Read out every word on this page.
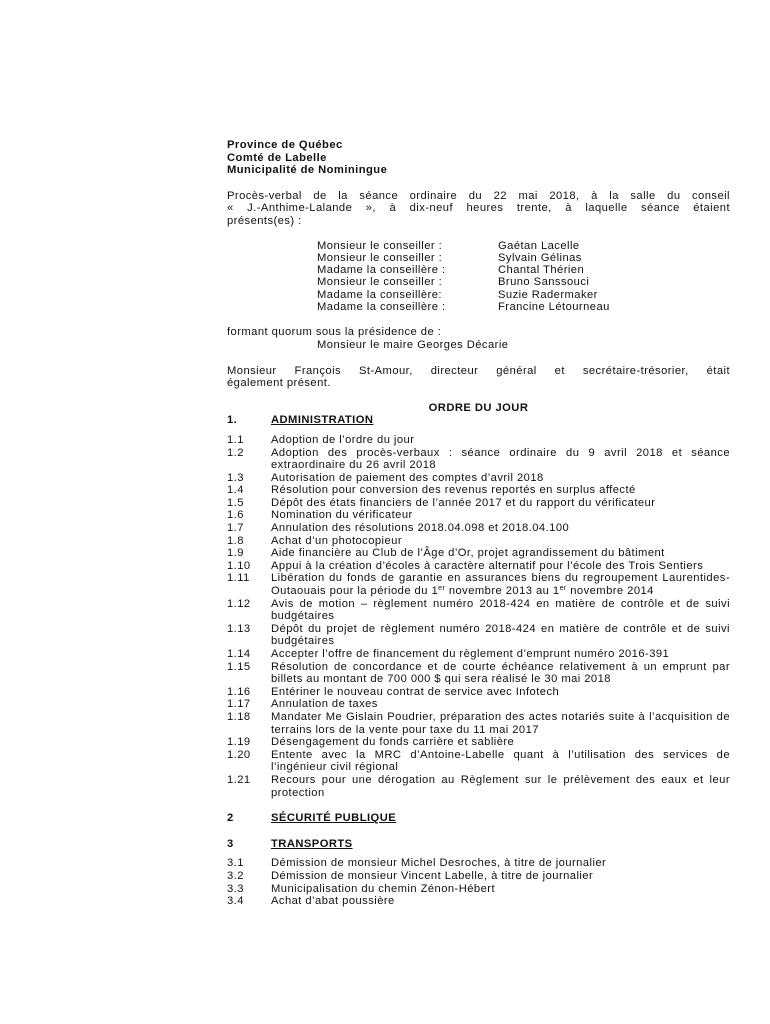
Province de Québec
Comté de Labelle
Municipalité de Nominingue
Procès-verbal de la séance ordinaire du 22 mai 2018, à la salle du conseil
« J.-Anthime-Lalande », à dix-neuf heures trente, à laquelle séance étaient
présents(es) :
Monsieur le conseiller :	Gaétan Lacelle
Monsieur le conseiller :	Sylvain Gélinas
Madame la conseillère :	Chantal Thérien
Monsieur le conseiller :	Bruno Sanssouci
Madame la conseillère:	Suzie Radermaker
Madame la conseillère :	Francine Létourneau
formant quorum sous la présidence de :
Monsieur le maire Georges Décarie
Monsieur François St-Amour, directeur général et secrétaire-trésorier, était
également présent.
ORDRE DU JOUR
1.	ADMINISTRATION
1.1	Adoption de l’ordre du jour
1.2	Adoption des procès-verbaux : séance ordinaire du 9 avril 2018 et séance extraordinaire du 26 avril 2018
1.3	Autorisation de paiement des comptes d’avril 2018
1.4	Résolution pour conversion des revenus reportés en surplus affecté
1.5	Dépôt des états financiers de l’année 2017 et du rapport du vérificateur
1.6	Nomination du vérificateur
1.7	Annulation des résolutions 2018.04.098 et 2018.04.100
1.8	Achat d’un photocopieur
1.9	Aide financière au Club de l’Âge d’Or, projet agrandissement du bâtiment
1.10	Appui à la création d’écoles à caractère alternatif pour l’école des Trois Sentiers
1.11	Libération du fonds de garantie en assurances biens du regroupement Laurentides-Outaouais pour la période du 1er novembre 2013 au 1er novembre 2014
1.12	Avis de motion – règlement numéro 2018-424 en matière de contrôle et de suivi budgétaires
1.13	Dépôt du projet de règlement numéro 2018-424 en matière de contrôle et de suivi budgétaires
1.14	Accepter l’offre de financement du règlement d’emprunt numéro 2016-391
1.15	Résolution de concordance et de courte échéance relativement à un emprunt par billets au montant de 700 000 $ qui sera réalisé le 30 mai 2018
1.16	Entériner le nouveau contrat de service avec Infotech
1.17	Annulation de taxes
1.18	Mandater Me Gislain Poudrier, préparation des actes notariés suite à l’acquisition de terrains lors de la vente pour taxe du 11 mai 2017
1.19	Désengagement du fonds carrière et sablière
1.20	Entente avec la MRC d’Antoine-Labelle quant à l’utilisation des services de l’ingénieur civil régional
1.21	Recours pour une dérogation au Règlement sur le prélèvement des eaux et leur protection
2	SÉCURITÉ PUBLIQUE
3	TRANSPORTS
3.1	Démission de monsieur Michel Desroches, à titre de journalier
3.2	Démission de monsieur Vincent Labelle, à titre de journalier
3.3	Municipalisation du chemin Zénon-Hébert
3.4	Achat d’abat poussière
